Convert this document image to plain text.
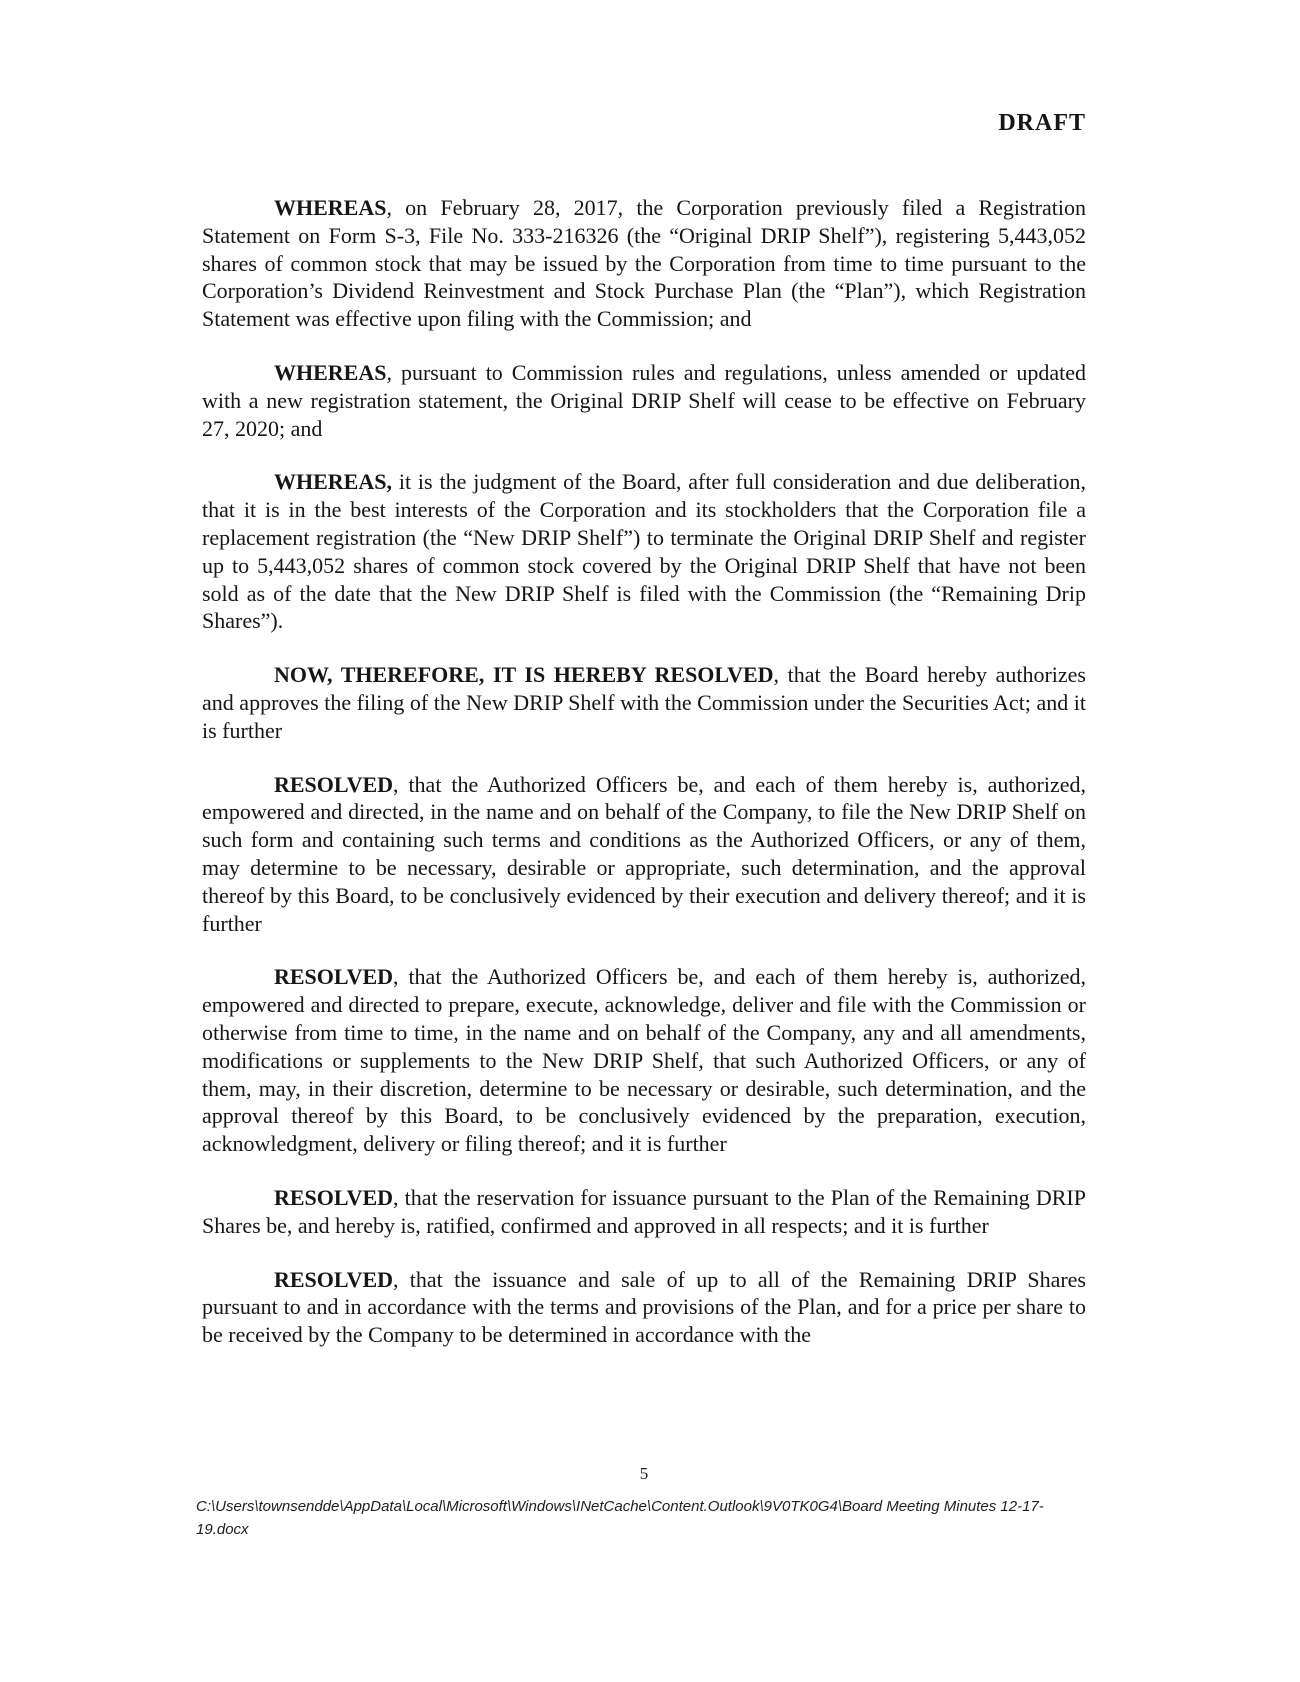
DRAFT

WHEREAS, on February 28, 2017, the Corporation previously filed a Registration Statement on Form S-3, File No. 333-216326 (the “Original DRIP Shelf”), registering 5,443,052 shares of common stock that may be issued by the Corporation from time to time pursuant to the Corporation’s Dividend Reinvestment and Stock Purchase Plan (the “Plan”), which Registration Statement was effective upon filing with the Commission; and

WHEREAS, pursuant to Commission rules and regulations, unless amended or updated with a new registration statement, the Original DRIP Shelf will cease to be effective on February 27, 2020; and

WHEREAS, it is the judgment of the Board, after full consideration and due deliberation, that it is in the best interests of the Corporation and its stockholders that the Corporation file a replacement registration (the “New DRIP Shelf”) to terminate the Original DRIP Shelf and register up to 5,443,052 shares of common stock covered by the Original DRIP Shelf that have not been sold as of the date that the New DRIP Shelf is filed with the Commission (the “Remaining Drip Shares”).

NOW, THEREFORE, IT IS HEREBY RESOLVED, that the Board hereby authorizes and approves the filing of the New DRIP Shelf with the Commission under the Securities Act; and it is further

RESOLVED, that the Authorized Officers be, and each of them hereby is, authorized, empowered and directed, in the name and on behalf of the Company, to file the New DRIP Shelf on such form and containing such terms and conditions as the Authorized Officers, or any of them, may determine to be necessary, desirable or appropriate, such determination, and the approval thereof by this Board, to be conclusively evidenced by their execution and delivery thereof; and it is further

RESOLVED, that the Authorized Officers be, and each of them hereby is, authorized, empowered and directed to prepare, execute, acknowledge, deliver and file with the Commission or otherwise from time to time, in the name and on behalf of the Company, any and all amendments, modifications or supplements to the New DRIP Shelf, that such Authorized Officers, or any of them, may, in their discretion, determine to be necessary or desirable, such determination, and the approval thereof by this Board, to be conclusively evidenced by the preparation, execution, acknowledgment, delivery or filing thereof; and it is further

RESOLVED, that the reservation for issuance pursuant to the Plan of the Remaining DRIP Shares be, and hereby is, ratified, confirmed and approved in all respects; and it is further

RESOLVED, that the issuance and sale of up to all of the Remaining DRIP Shares pursuant to and in accordance with the terms and provisions of the Plan, and for a price per share to be received by the Company to be determined in accordance with the

5
C:\Users\townsendde\AppData\Local\Microsoft\Windows\INetCache\Content.Outlook\9V0TK0G4\Board Meeting Minutes 12-17-19.docx
